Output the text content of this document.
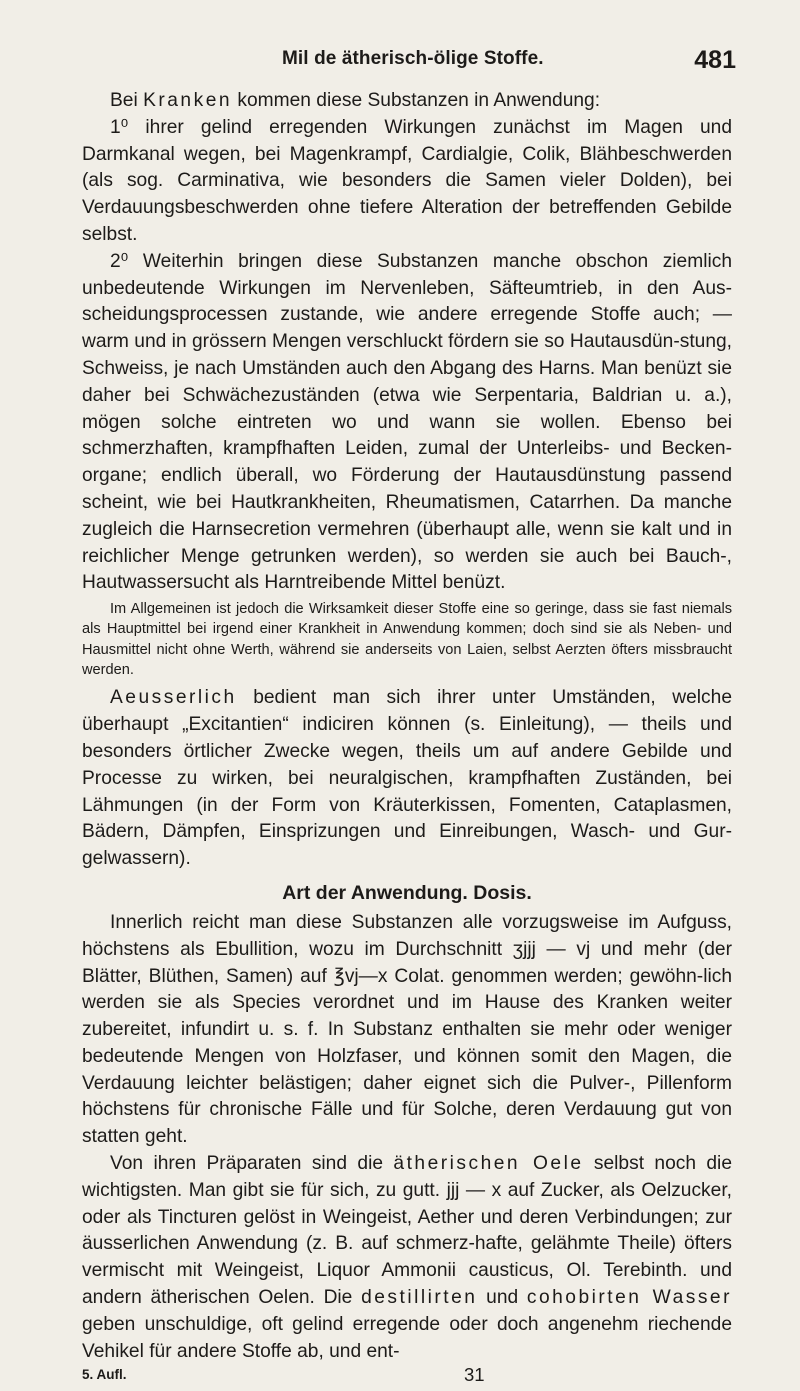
Mil de ätherisch-ölige Stoffe.	481

Bei Kranken kommen diese Substanzen in Anwendung:

1⁰ ihrer gelind erregenden Wirkungen zunächst im Magen und Darmkanal wegen, bei Magenkrampf, Cardialgie, Colik, Blähbeschwerden (als sog. Carminativa, wie besonders die Samen vieler Dolden), bei Verdauungsbeschwerden ohne tiefere Alteration der betreffenden Gebilde selbst.

2⁰ Weiterhin bringen diese Substanzen manche obschon ziemlich unbedeutende Wirkungen im Nervenleben, Säfteumtrieb, in den Aus-scheidungsprocessen zustande, wie andere erregende Stoffe auch; — warm und in grössern Mengen verschluckt fördern sie so Hautausdün-stung, Schweiss, je nach Umständen auch den Abgang des Harns. Man benüzt sie daher bei Schwächezuständen (etwa wie Serpentaria, Baldrian u. a.), mögen solche eintreten wo und wann sie wollen. Ebenso bei schmerzhaften, krampfhaften Leiden, zumal der Unterleibs- und Becken-organe; endlich überall, wo Förderung der Hautausdünstung passend scheint, wie bei Hautkrankheiten, Rheumatismen, Catarrhen. Da manche zugleich die Harnsecretion vermehren (überhaupt alle, wenn sie kalt und in reichlicher Menge getrunken werden), so werden sie auch bei Bauch-, Hautwassersucht als Harntreibende Mittel benüzt.

Im Allgemeinen ist jedoch die Wirksamkeit dieser Stoffe eine so geringe, dass sie fast niemals als Hauptmittel bei irgend einer Krankheit in Anwendung kommen; doch sind sie als Neben- und Hausmittel nicht ohne Werth, während sie anderseits von Laien, selbst Aerzten öfters missbraucht werden.

Aeusserlich bedient man sich ihrer unter Umständen, welche überhaupt „Excitantien“ indiciren können (s. Einleitung), — theils und besonders örtlicher Zwecke wegen, theils um auf andere Gebilde und Processe zu wirken, bei neuralgischen, krampfhaften Zuständen, bei Lähmungen (in der Form von Kräuterkissen, Fomenten, Cataplasmen, Bädern, Dämpfen, Einsprizungen und Einreibungen, Wasch- und Gur-gelwassern).

Art der Anwendung. Dosis.

Innerlich reicht man diese Substanzen alle vorzugsweise im Aufguss, höchstens als Ebullition, wozu im Durchschnitt ʒjjj — vj und mehr (der Blätter, Blüthen, Samen) auf ℥vj—x Colat. genommen werden; gewöhn-lich werden sie als Species verordnet und im Hause des Kranken weiter zubereitet, infundirt u. s. f. In Substanz enthalten sie mehr oder weniger bedeutende Mengen von Holzfaser, und können somit den Magen, die Verdauung leichter belästigen; daher eignet sich die Pulver-, Pillenform höchstens für chronische Fälle und für Solche, deren Verdauung gut von statten geht.

Von ihren Präparaten sind die ätherischen Oele selbst noch die wichtigsten. Man gibt sie für sich, zu gutt. jjj — x auf Zucker, als Oelzucker, oder als Tincturen gelöst in Weingeist, Aether und deren Verbindungen; zur äusserlichen Anwendung (z. B. auf schmerz-hafte, gelähmte Theile) öfters vermischt mit Weingeist, Liquor Ammonii causticus, Ol. Terebinth. und andern ätherischen Oelen. Die destillirten und cohobirten Wasser geben unschuldige, oft gelind erregende oder doch angenehm riechende Vehikel für andere Stoffe ab, und ent-

5. Aufl.	31
